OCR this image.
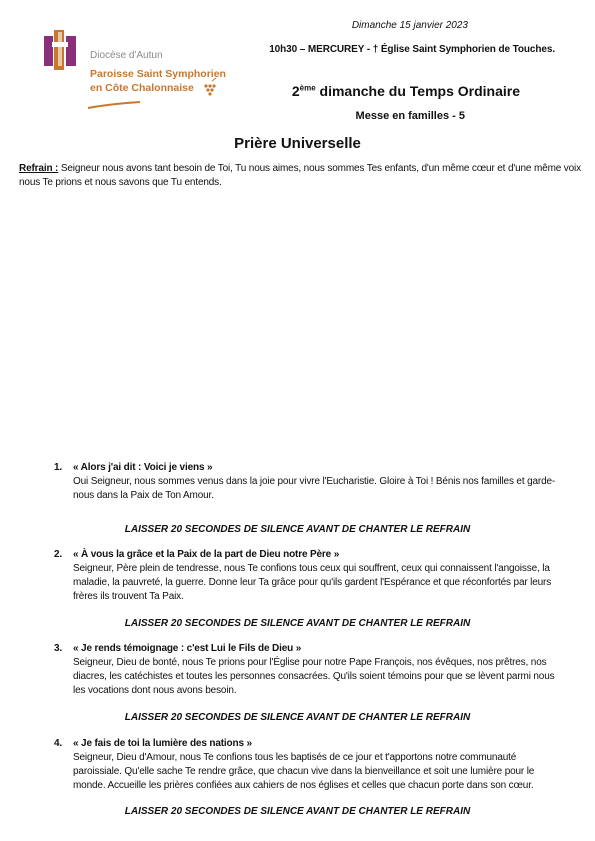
Dimanche 15 janvier 2023
10h30 – MERCUREY - † Église Saint Symphorien de Touches.
Diocèse d'Autun
Paroisse Saint Symphorien
en Côte Chalonnaise	2ème dimanche du Temps Ordinaire
Messe en familles - 5
Prière Universelle
Refrain : Seigneur nous avons tant besoin de Toi, Tu nous aimes, nous sommes Tes enfants, d'un même cœur et d'une même voix nous Te prions et nous savons que Tu entends.
1. « Alors j'ai dit : Voici je viens »
Oui Seigneur, nous sommes venus dans la joie pour vivre l'Eucharistie. Gloire à Toi ! Bénis nos familles et garde-nous dans la Paix de Ton Amour.
LAISSER 20 SECONDES DE SILENCE AVANT DE CHANTER LE REFRAIN
2. « À vous la grâce et la Paix de la part de Dieu notre Père »
Seigneur, Père plein de tendresse, nous Te confions tous ceux qui souffrent, ceux qui connaissent l'angoisse, la maladie, la pauvreté, la guerre. Donne leur Ta grâce pour qu'ils gardent l'Espérance et que réconfortés par leurs frères ils trouvent Ta Paix.
LAISSER 20 SECONDES DE SILENCE AVANT DE CHANTER LE REFRAIN
3. « Je rends témoignage : c'est Lui le Fils de Dieu »
Seigneur, Dieu de bonté, nous Te prions pour l'Église pour notre Pape François, nos évêques, nos prêtres, nos diacres, les catéchistes et toutes les personnes consacrées. Qu'ils soient témoins pour que se lèvent parmi nous les vocations dont nous avons besoin.
LAISSER 20 SECONDES DE SILENCE AVANT DE CHANTER LE REFRAIN
4. « Je fais de toi la lumière des nations »
Seigneur, Dieu d'Amour, nous Te confions tous les baptisés de ce jour et t'apportons notre communauté paroissiale. Qu'elle sache Te rendre grâce, que chacun vive dans la bienveillance et soit une lumière pour le monde. Accueille les prières confiées aux cahiers de nos églises et celles que chacun porte dans son cœur.
LAISSER 20 SECONDES DE SILENCE AVANT DE CHANTER LE REFRAIN
